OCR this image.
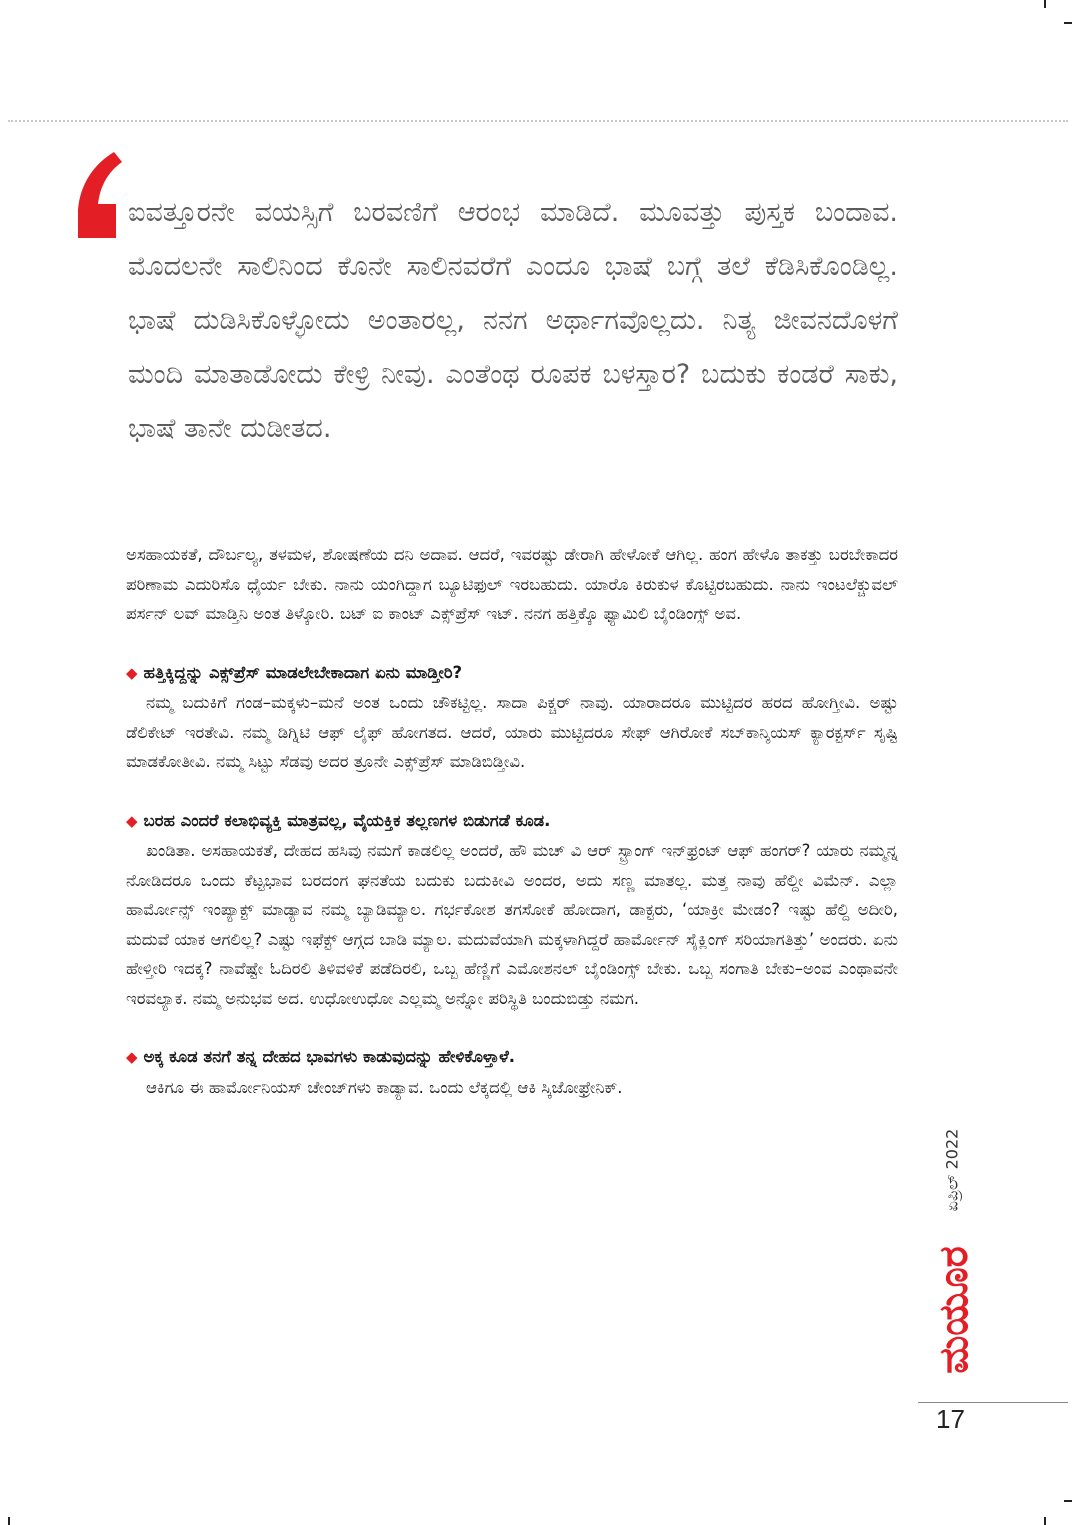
ಐವತ್ತೂರನೇ ವಯಸ್ಸಿಗೆ ಬರವಣಿಗೆ ಆರಂಭ ಮಾಡಿದೆ. ಮೂವತ್ತು ಪುಸ್ತಕ ಬಂದಾವ. ಮೊದಲನೇ ಸಾಲಿನಿಂದ ಕೊನೇ ಸಾಲಿನವರೆಗೆ ಎಂದೂ ಭಾಷೆ ಬಗ್ಗೆ ತಲೆ ಕೆಡಿಸಿಕೊಂಡಿಲ್ಲ. ಭಾಷೆ ದುಡಿಸಿಕೊಳ್ಳೋದು ಅಂತಾರಲ್ಲ, ನನಗ ಅರ್ಥಾಗವೊಲ್ಲದು. ನಿತ್ಯ ಜೀವನದೊಳಗೆ ಮಂದಿ ಮಾತಾಡೋದು ಕೇಳ್ರಿ ನೀವು. ಎಂತೆಂಥ ರೂಪಕ ಬಳಸ್ತಾರ? ಬದುಕು ಕಂಡರೆ ಸಾಕು, ಭಾಷೆ ತಾನೇ ದುಡೀತದ.

ಅಸಹಾಯಕತೆ, ದೌರ್ಬಲ್ಯ, ತಳಮಳ, ಶೋಷಣೆಯ ದನಿ ಅದಾವ. ಆದರೆ, ಇವರಷ್ಟು ಡೇರಾಗಿ ಹೇಳೋಕೆ ಆಗಿಲ್ಲ. ಹಂಗ ಹೇಳೊ ತಾಕತ್ತು ಬರಬೇಕಾದರ ಪರಿಣಾಮ ಎದುರಿಸೊ ಧೈರ್ಯ ಬೇಕು. ನಾನು ಯಂಗಿದ್ದಾಗ ಬ್ಯೂಟಿಫುಲ್ ಇರಬಹುದು. ಯಾರೊ ಕಿರುಕುಳ ಕೊಟ್ಟಿರಬಹುದು. ನಾನು ಇಂಟಲೆಕ್ಚುವಲ್ ಪರ್ಸನ್ ಲವ್ ಮಾಡ್ತಿನಿ ಅಂತ ತಿಳ್ಕೋರಿ. ಬಟ್ ಐ ಕಾಂಟ್ ಎಕ್ಸ್‌ಪ್ರೆಸ್ ಇಟ್. ನನಗ ಹತ್ತಿಕ್ಕೊ ಫ್ಯಾಮಿಲಿ ಬೈಂಡಿಂಗ್ಸ್ ಅವ.

◆ ಹತ್ತಿಕ್ಕಿದ್ದನ್ನು ಎಕ್ಸ್‌ಪ್ರೆಸ್ ಮಾಡಲೇಬೇಕಾದಾಗ ಏನು ಮಾಡ್ತೀರಿ?

ನಮ್ಮ ಬದುಕಿಗೆ ಗಂಡ–ಮಕ್ಕಳು–ಮನೆ ಅಂತ ಒಂದು ಚೌಕಟ್ಟಿಲ್ಲ. ಸಾದಾ ಪಿಕ್ಚರ್ ನಾವು. ಯಾರಾದರೂ ಮುಟ್ಟಿದರ ಹರದ ಹೋಗ್ತೀವಿ. ಅಷ್ಟು ಡೆಲಿಕೇಟ್ ಇರತೇವಿ. ನಮ್ಮ ಡಿಗ್ನಿಟಿ ಆಫ್ ಲೈಫ್ ಹೋಗತದ. ಆದರೆ, ಯಾರು ಮುಟ್ಟಿದರೂ ಸೇಫ್ ಆಗಿರೋಕೆ ಸಬ್‌ಕಾನ್ಶಿಯಸ್ ಕ್ಯಾರಕ್ಟರ್ಸ್ ಸೃಷ್ಟಿ ಮಾಡಕೋತೀವಿ. ನಮ್ಮ ಸಿಟ್ಟು ಸೆಡವು ಅದರ ತ್ರೂನೇ ಎಕ್ಸ್‌ಪ್ರೆಸ್ ಮಾಡಿಬಿಡ್ತೀವಿ.

◆ ಬರಹ ಎಂದರೆ ಕಲಾಭಿವ್ಯಕ್ತಿ ಮಾತ್ರವಲ್ಲ, ವೈಯಕ್ತಿಕ ತಲ್ಲಣಗಳ ಬಿಡುಗಡೆ ಕೂಡ.

ಖಂಡಿತಾ. ಅಸಹಾಯಕತೆ, ದೇಹದ ಹಸಿವು ನಮಗೆ ಕಾಡಲಿಲ್ಲ ಅಂದರೆ, ಹೌ ಮಚ್ ವಿ ಆರ್ ಸ್ಟ್ರಾಂಗ್ ಇನ್‌ಫ್ರಂಟ್ ಆಫ್ ಹಂಗರ್? ಯಾರು ನಮ್ಮನ್ನ ನೋಡಿದರೂ ಒಂದು ಕೆಟ್ಟಭಾವ ಬರದಂಗ ಘನತೆಯ ಬದುಕು ಬದುಕೀವಿ ಅಂದರ, ಅದು ಸಣ್ಣ ಮಾತಲ್ಲ. ಮತ್ತ ನಾವು ಹೆಲ್ದೀ ವಿಮೆನ್. ಎಲ್ಲಾ ಹಾರ್ಮೋನ್ಸ್ ಇಂಪ್ಯಾಕ್ಟ್ ಮಾಡ್ಯಾವ ನಮ್ಮ ಬ್ಯಾಡಿಮ್ಯಾಲ. ಗರ್ಭಕೋಶ ತಗಸೋಕೆ ಹೋದಾಗ, ಡಾಕ್ಟರು, ‘ಯಾಕ್ರೀ ಮೇಡಂ? ಇಷ್ಟು ಹೆಲ್ದಿ ಅದೀರಿ, ಮದುವೆ ಯಾಕ ಆಗಲಿಲ್ಲ? ಎಷ್ಟು ಇಫೆಕ್ಟ್ ಆಗ್ಗದ ಬಾಡಿ ಮ್ಯಾಲ. ಮದುವೆಯಾಗಿ ಮಕ್ಕಳಾಗಿದ್ದರೆ ಹಾರ್ಮೋನ್ ಸೈಕ್ಲಿಂಗ್ ಸರಿಯಾಗತಿತ್ತು’ ಅಂದರು. ಏನು ಹೇಳ್ತೀರಿ ಇದಕ್ಕ? ನಾವೆಷ್ಟೇ ಓದಿರಲಿ ತಿಳಿವಳಿಕೆ ಪಡೆದಿರಲಿ, ಒಬ್ಬ ಹೆಣ್ಣಿಗೆ ಎಮೋಶನಲ್ ಬೈಂಡಿಂಗ್ಸ್ ಬೇಕು. ಒಬ್ಬ ಸಂಗಾತಿ ಬೇಕು–ಅಂವ ಎಂಥಾವನೇ ಇರವಲ್ಯಾಕ. ನಮ್ಮ ಅನುಭವ ಅದ. ಉಧೋಉಧೋ ಎಲ್ಲಮ್ಮ ಅನ್ನೋ ಪರಿಸ್ಥಿತಿ ಬಂದುಬಿಡ್ತು ನಮಗ.

◆ ಅಕ್ಕ ಕೂಡ ತನಗೆ ತನ್ನ ದೇಹದ ಭಾವಗಳು ಕಾಡುವುದನ್ನು ಹೇಳಿಕೊಳ್ತಾಳೆ.

ಆಕಿಗೂ ಈ ಹಾರ್ಮೋನಿಯಸ್ ಚೇಂಜ್‌ಗಳು ಕಾಡ್ಯಾವ. ಒಂದು ಲೆಕ್ಕದಲ್ಲಿ ಆಕಿ ಸ್ಕಿಜೋಫ್ರೇನಿಕ್.

ಏಪ್ರಿಲ್ 2022
ಮಯೂರ
17
